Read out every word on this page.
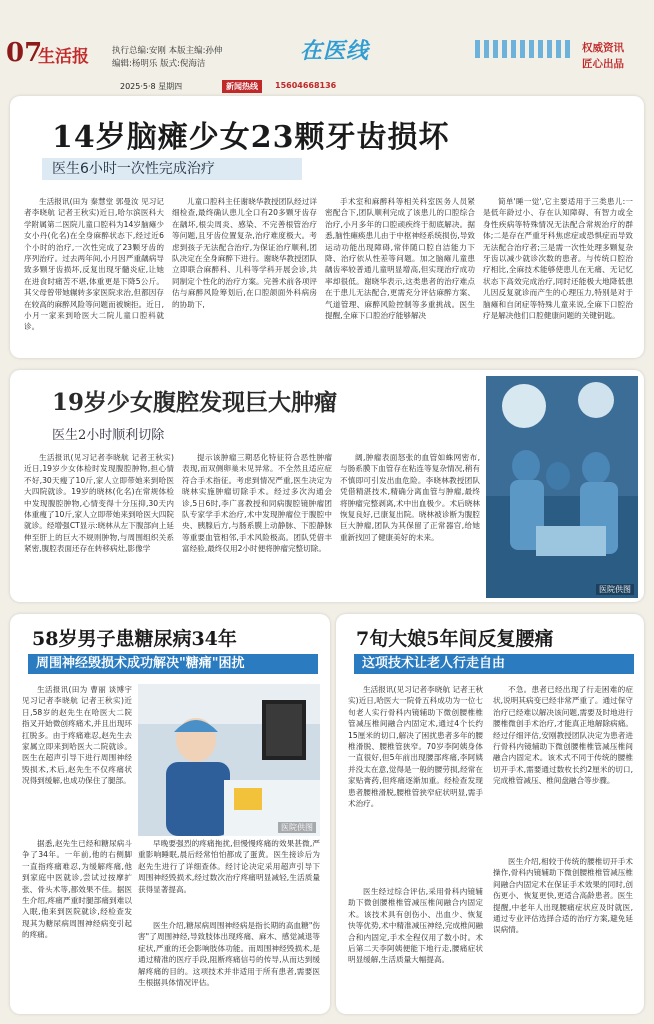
07
生活报	执行总编:安刚 本版主编:孙伸
编辑:杨明乐 版式:倪海洁	在医线	权威资讯
匠心出品
2025·5·8 星期四	新闻热线	15604668136
14岁脑瘫少女23颗牙齿损坏
医生6小时一次性完成治疗

生活报讯(田为 秦慧堂 郭曼汝 见习记者李晓航 记者王秋实)近日,哈尔滨医科大学附属第二医院儿童口腔科为14岁脑瘫少女小丹(化名)在全身麻醉状态下,经过近6个小时的治疗,一次性完成了23颗牙齿的序列治疗。过去两年间,小月因严重龋病导致多颗牙齿损坏,反复出现牙髓炎症,让她在进食时痛苦不堪,体重更是下降5公斤。其父母曾带她辗转多家医院求治,但都因存在较高的麻醉风险等问题而被婉拒。近日,小月一家来到哈医大二院儿童口腔科就诊。

儿童口腔科主任谢晓华教授团队经过详细检查,最终确认患儿全口有20多颗牙齿存在龋坏,根尖周炎、感染、不完善根管治疗等问题,且牙齿位置复杂,治疗难度极大。考虑到孩子无法配合治疗,为保证治疗顺利,团队决定在全身麻醉下进行。谢晓华教授团队立即联合麻醉科、儿科等学科开展会诊,共同制定个性化的治疗方案。完善术前各项评估与麻醉风险筹划后,在口腔颌面外科病房的协助下,

手术室和麻醉科等相关科室医务人员紧密配合下,团队顺利完成了该患儿的口腔综合治疗,小月多年的口腔顽疾终于彻底解决。据悉,脑性瘫痪患儿由于中枢神经系统损伤,导致运动功能出现障碍,常伴随口腔自洁能力下降、治疗依从性差等问题。加之脑瘫儿童患龋齿率较普通儿童明显增高,但实现治疗成功率却很低。谢晓华表示,这类患者的治疗难点在于患儿无法配合,更需充分评估麻醉方案、气道管理、麻醉风险控制等多重挑战。医生提醒,全麻下口腔治疗能够解决

简单'睡一觉',它主要适用于三类患儿:一是低年龄过小、存在认知障碍、有智力或全身性疾病等特殊情况无法配合常规治疗的群体;二是存在严重牙科焦虑症或恐惧症而导致无法配合治疗者;三是需一次性处理多颗复杂牙齿以减少就诊次数的患者。与传统口腔治疗相比,全麻技术能够使患儿在无痛、无记忆状态下高效完成治疗,同时还能极大地降低患儿因反复就诊而产生的心理压力,特别是对于脑瘫和自闭症等特殊儿童来说,全麻下口腔治疗是解决他们口腔健康问题的关键钥匙。

19岁少女腹腔发现巨大肿瘤
医生2小时顺利切除

生活报讯(见习记者李晓航 记者王秋实)近日,19岁少女体检时发现腹腔肿物,担心情不好,30天瘦了10斤,家人立即带她来到哈医大四院就诊。19岁的晓林(化名)在常规体检中发现腹腔肿物,心情变得十分压抑,30天内体重瘦了10斤,家人立即带她来到哈医大四院就诊。经增强CT显示:晓林从左下腹部向上延伸至肝上的巨大不规则肿物,与周围组织关系紧密,腹腔表面还存在转移病灶,影像学

提示该肿瘤三期恶化特征符合恶性肿瘤表现,而双侧卵巢未见异常。不全然且适应症符合手术指征。考虑到情况严重,医生决定为晓林实施肿瘤切除手术。经过多次沟通会诊,5日6时,李广喜教授和同病腹腔镜肿瘤团队专家学手术治疗,术中发现肿瘤位于腹腔中央、胰腺后方,与肠系膜上动静脉、下腔静脉等重要血管相邻,手术风险极高。团队凭借丰富经验,最终仅用2小时便将肿瘤完整切除。

阔,肿瘤表面怒张的血管如蛛网密布,与肠系膜下血管存在粘连等复杂情况,稍有不慎即可引发出血危险。李晓林教授团队凭借精湛技术,精确分离血管与肿瘤,最终将肿瘤完整剥离,术中出血极少。术后晓林恢复良好,已康复出院。晓林被诊断为腹腔巨大肿瘤,团队为其保留了正常器官,给她重新找回了健康美好的未来。

医院供图
58岁男子患糖尿病34年
周围神经毁损术成功解决"糖痛"困扰

生活报讯(田为 曹丽 谈博宇 见习记者李晓航 记者王秋实)近日,58岁的赵先生在哈医大二院指叉开始微创疼痛术,并且出现环扛脱多。由于疼痛难忍,赵先生去家属立即来到哈医大二院就诊。医生在超声引导下进行周围神经毁损术,术后,赵先生不仅疼痛状况得到缓解,也成功保住了腿部。

医院供图

据悉,赵先生已经和糖尿病斗争了34年。一年前,他的右侧脚一直指疼痛难忍,为缓解疼痛,他到家庭中医就诊,尝试过按摩扩张、骨头术等,都效果不佳。据医生介绍,疼痛严重时腿部痛到难以入眠,他来到医院就诊,经检查发现其为糖尿病周围神经病变引起的疼痛。

早晚要强烈的疼痛拖扰,但慢慢疼痛的效果甚微,严重影响睡眠,晨后经常怕怕都成了蛋黄。医生接诊后为赵先生进行了详细查体。经讨论决定采用超声引导下周围神经毁损术,经过数次治疗疼痛明显减轻,生活质量获得显著提高。

医生介绍,糖尿病周围神经病是指长期的高血糖"伤害"了周围神经,导致肢体出现疼痛、麻木、感觉减退等症状,严重的还会影响肢体功能。而周围神经毁损术,是通过精准的医疗手段,阻断疼痛信号的传导,从而达到缓解疼痛的目的。这项技术并非适用于所有患者,需要医生根据具体情况评估。

7旬大娘5年间反复腰痛
这项技术让老人行走自由

生活报讯(见习记者李晓航 记者王秋实)近日,哈医大一院骨五科成功为一位七旬老人实行骨科内镜辅助下微创腰椎椎管减压椎间融合内固定术,通过4个长约15厘米的切口,解决了困扰患者多年的腰椎滑脱、腰椎管狭窄。70岁李阿姨身体一直很好,但5年前出现腰部疼痛,李阿姨并没太在意,觉得是一般的腰劳损,经常在家贴膏药,但疼痛逐渐加重。经检查发现患者腰椎滑脱,腰椎管狭窄症状明显,需手术治疗。

医生经过综合评估,采用骨科内镜辅助下微创腰椎椎管减压椎间融合内固定术。该技术具有创伤小、出血少、恢复快等优势,术中精准减压神经,完成椎间融合和内固定,手术全程仅用了数小时。术后第二天李阿姨便能下地行走,腰痛症状明显缓解,生活质量大幅提高。

不急。患者已经出现了行走困难的症状,说明其病变已经非常严重了。通过保守治疗已经难以解决该问题,需要及时地进行腰椎微创手术治疗,才能真正地解除病痛。经过仔细评估,安刚教授团队决定为患者进行骨科内镜辅助下微创腰椎椎管减压椎间融合内固定术。该术式不同于传统的腰椎切开手术,需要通过数枚长约2厘米的切口,完成椎管减压、椎间盘融合等步骤。

医生介绍,相较于传统的腰椎切开手术操作,骨科内镜辅助下微创腰椎椎管减压椎间融合内固定术在保证手术效果的同时,创伤更小、恢复更快,更适合高龄患者。医生提醒,中老年人出现腰痛症状应及时就医,通过专业评估选择合适的治疗方案,避免延误病情。
